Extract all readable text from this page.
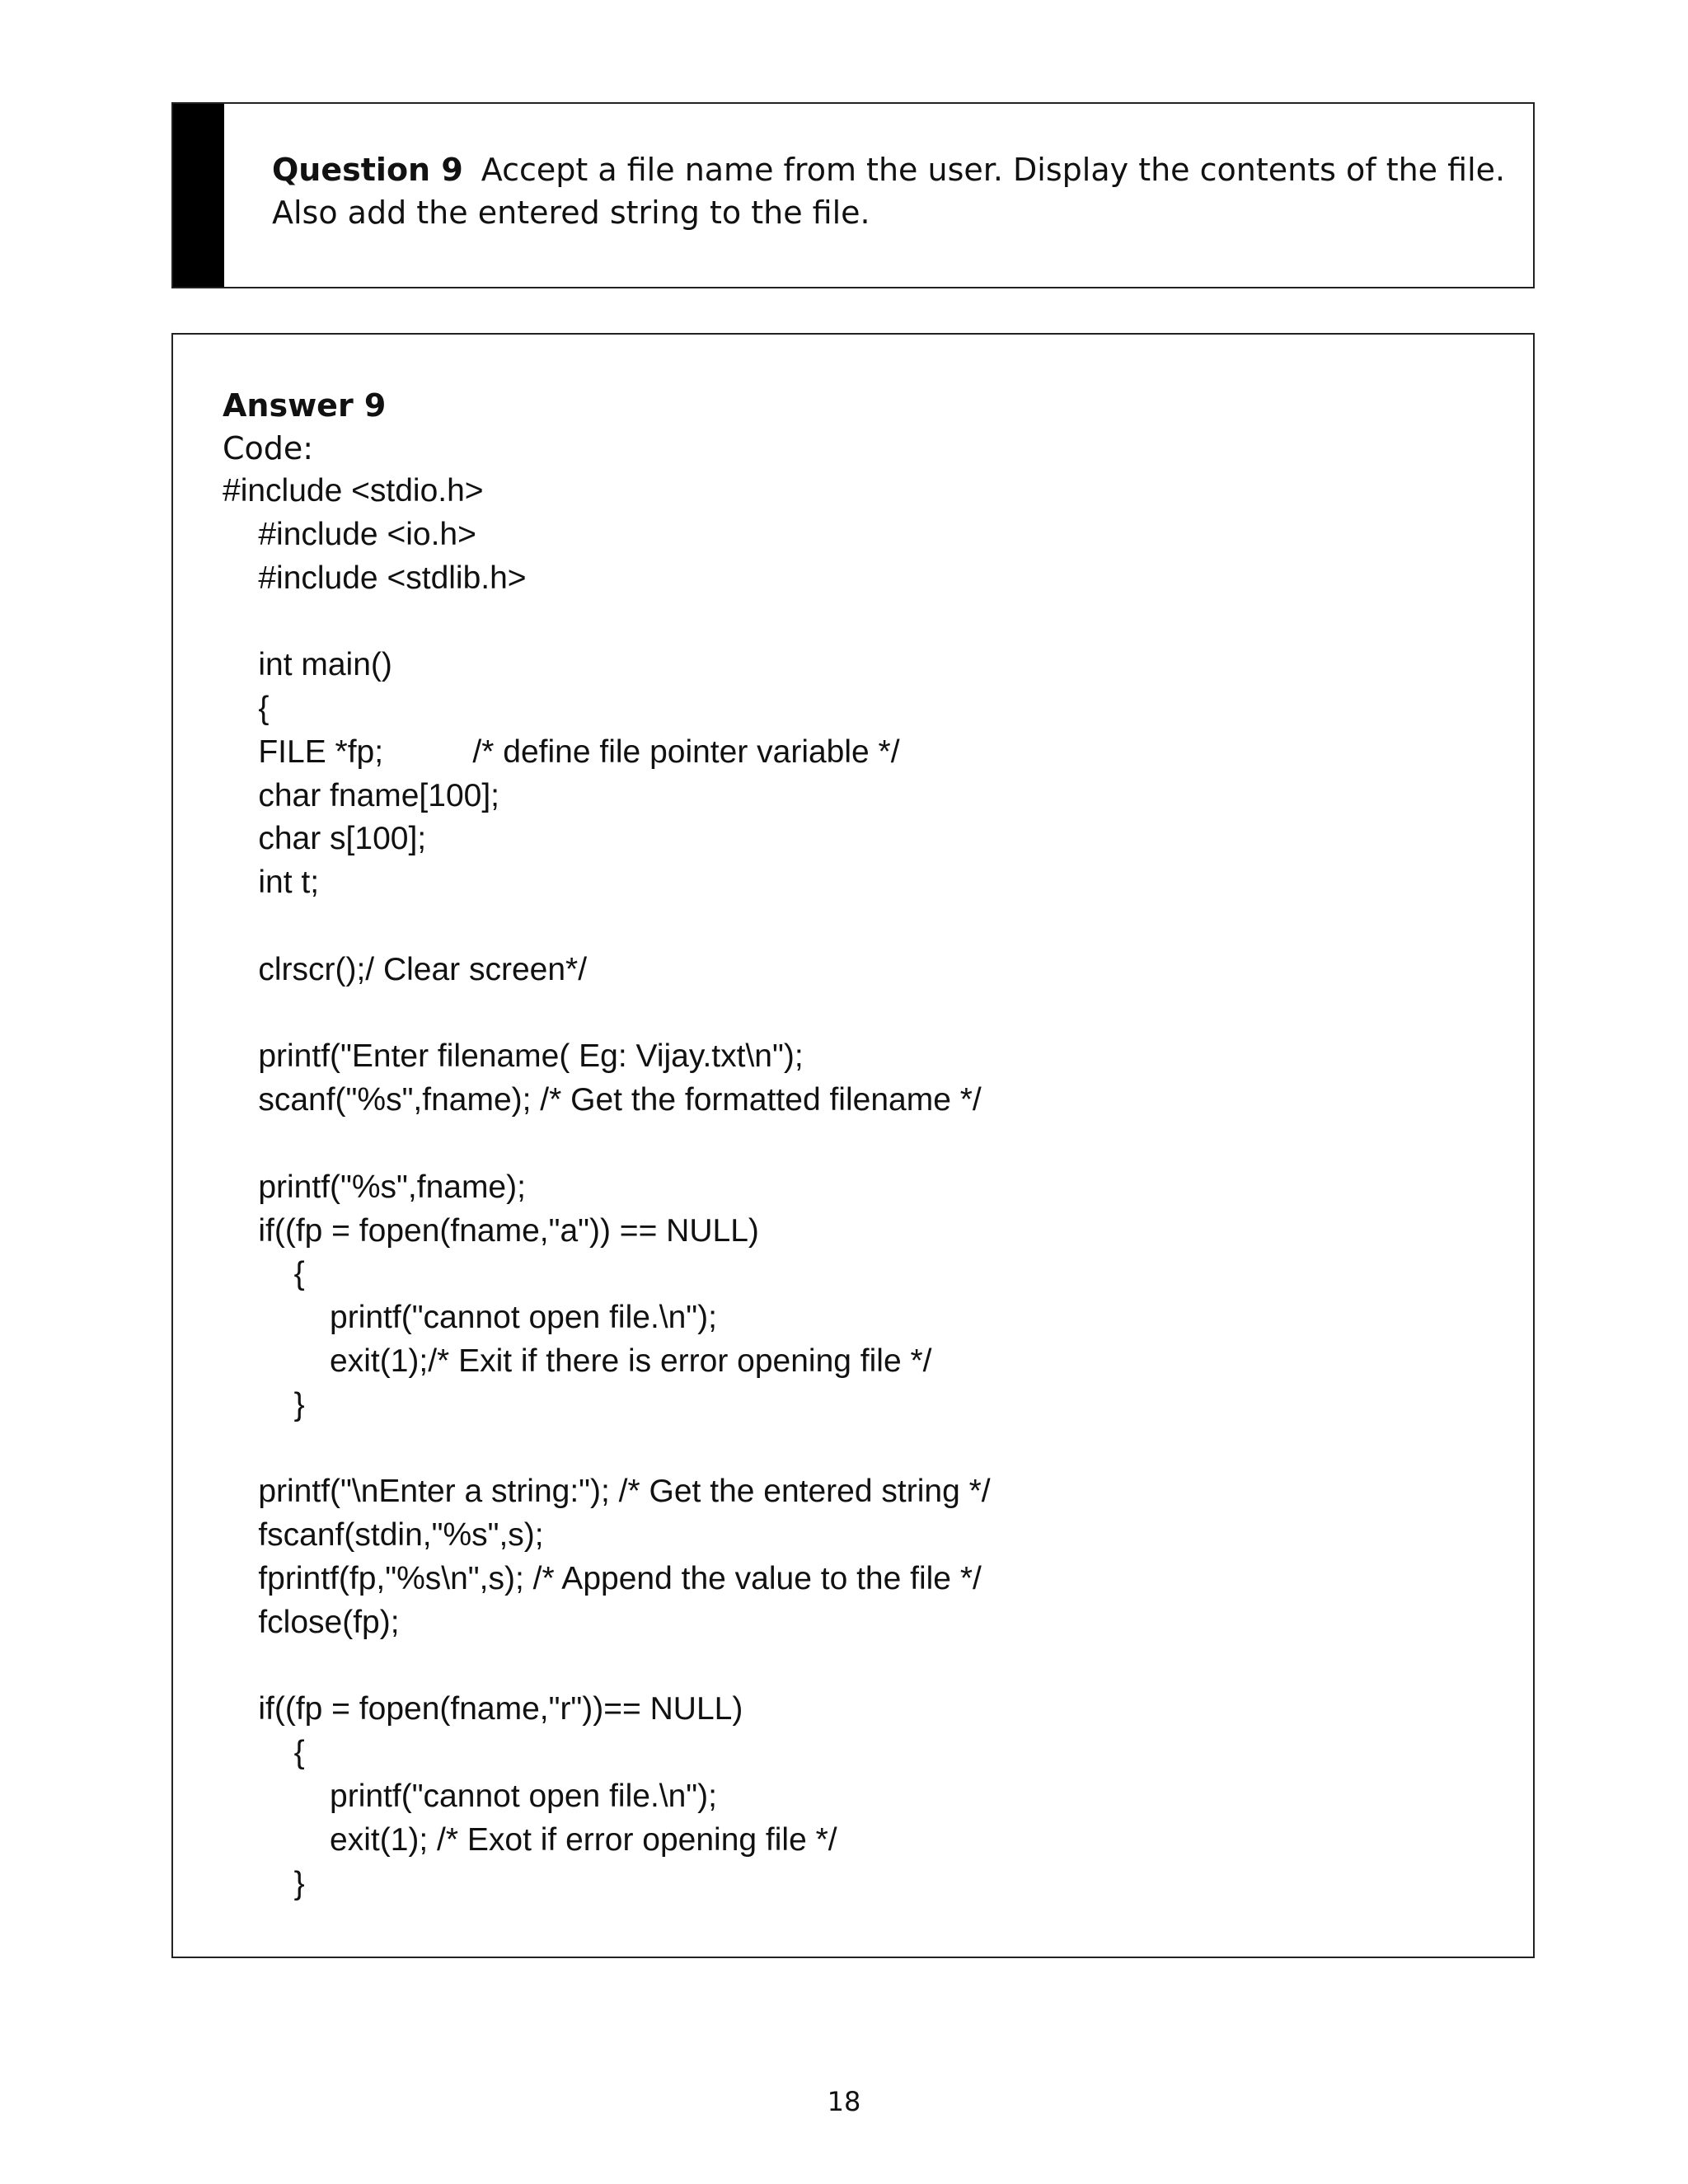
Question 9 Accept a file name from the user. Display the contents of the file. Also add the entered string to the file.
Answer 9
Code:
#include <stdio.h>
#include <io.h>
#include <stdlib.h>
int main()
{
FILE *fp;          /* define file pointer variable */
char fname[100];
char s[100];
int t;
clrscr();/ Clear screen*/
printf("Enter filename( Eg: Vijay.txt\n");
scanf("%s",fname); /* Get the formatted filename */
printf("%s",fname);
if((fp = fopen(fname,"a")) == NULL)
{
printf("cannot open file.\n");
exit(1);/* Exit if there is error opening file */
}
printf("\nEnter a string:"); /* Get the entered string */
fscanf(stdin,"%s",s);
fprintf(fp,"%s\n",s); /* Append the value to the file */
fclose(fp);
if((fp = fopen(fname,"r"))== NULL)
{
printf("cannot open file.\n");
exit(1); /* Exot if error opening file */
}
18
